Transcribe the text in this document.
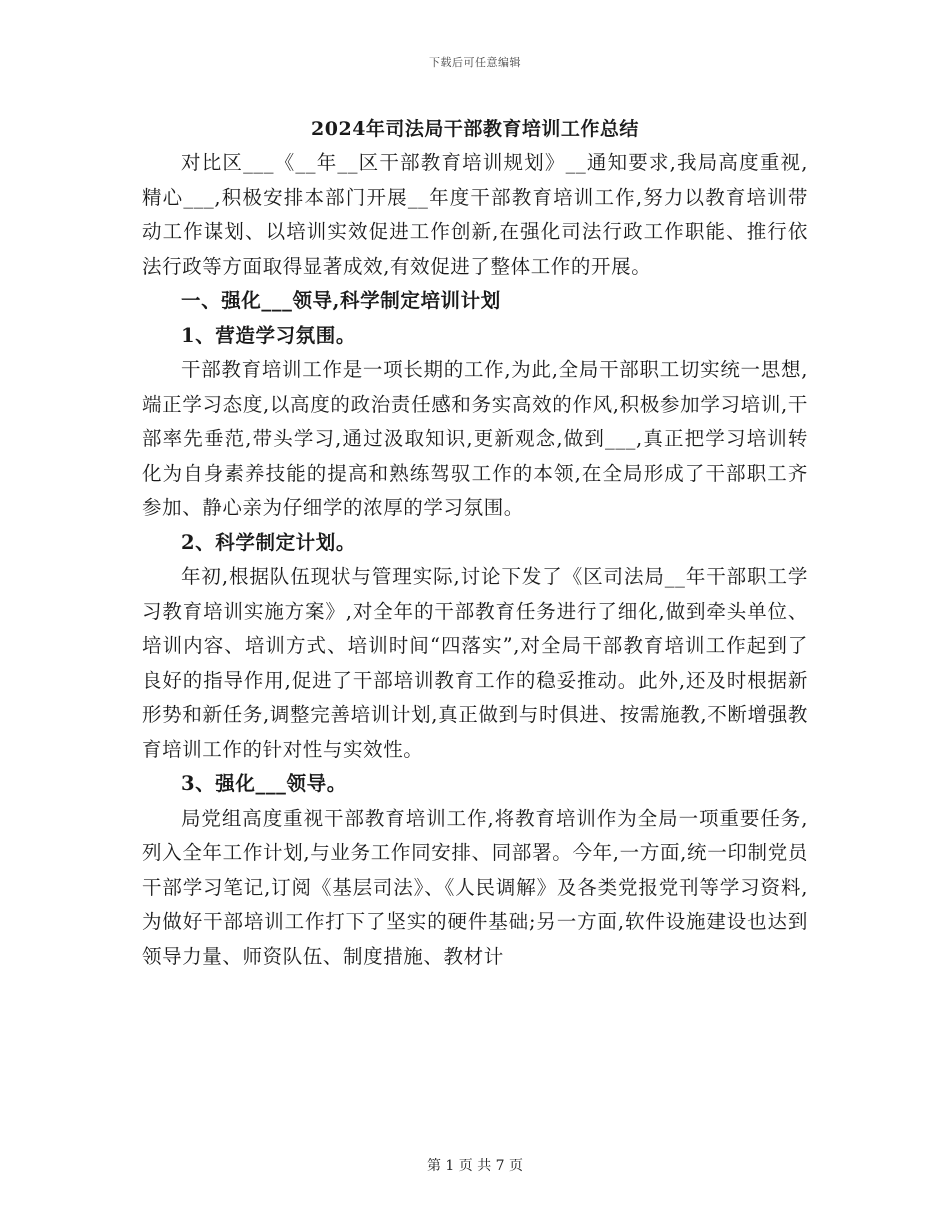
下载后可任意编辑
2024年司法局干部教育培训工作总结

对比区___《__年__区干部教育培训规划》__通知要求,我局高度重视,精心___,积极安排本部门开展__年度干部教育培训工作,努力以教育培训带动工作谋划、以培训实效促进工作创新,在强化司法行政工作职能、推行依法行政等方面取得显著成效,有效促进了整体工作的开展。

一、强化___领导,科学制定培训计划

1、营造学习氛围。

干部教育培训工作是一项长期的工作,为此,全局干部职工切实统一思想,端正学习态度,以高度的政治责任感和务实高效的作风,积极参加学习培训,干部率先垂范,带头学习,通过汲取知识,更新观念,做到___,真正把学习培训转化为自身素养技能的提高和熟练驾驭工作的本领,在全局形成了干部职工齐参加、静心亲为仔细学的浓厚的学习氛围。

2、科学制定计划。

年初,根据队伍现状与管理实际,讨论下发了《区司法局__年干部职工学习教育培训实施方案》,对全年的干部教育任务进行了细化,做到牵头单位、培训内容、培训方式、培训时间“四落实”,对全局干部教育培训工作起到了良好的指导作用,促进了干部培训教育工作的稳妥推动。此外,还及时根据新形势和新任务,调整完善培训计划,真正做到与时俱进、按需施教,不断增强教育培训工作的针对性与实效性。

3、强化___领导。

局党组高度重视干部教育培训工作,将教育培训作为全局一项重要任务,列入全年工作计划,与业务工作同安排、同部署。今年,一方面,统一印制党员干部学习笔记,订阅《基层司法》、《人民调解》及各类党报党刊等学习资料,为做好干部培训工作打下了坚实的硬件基础;另一方面,软件设施建设也达到领导力量、师资队伍、制度措施、教材计

第 1 页 共 7 页
